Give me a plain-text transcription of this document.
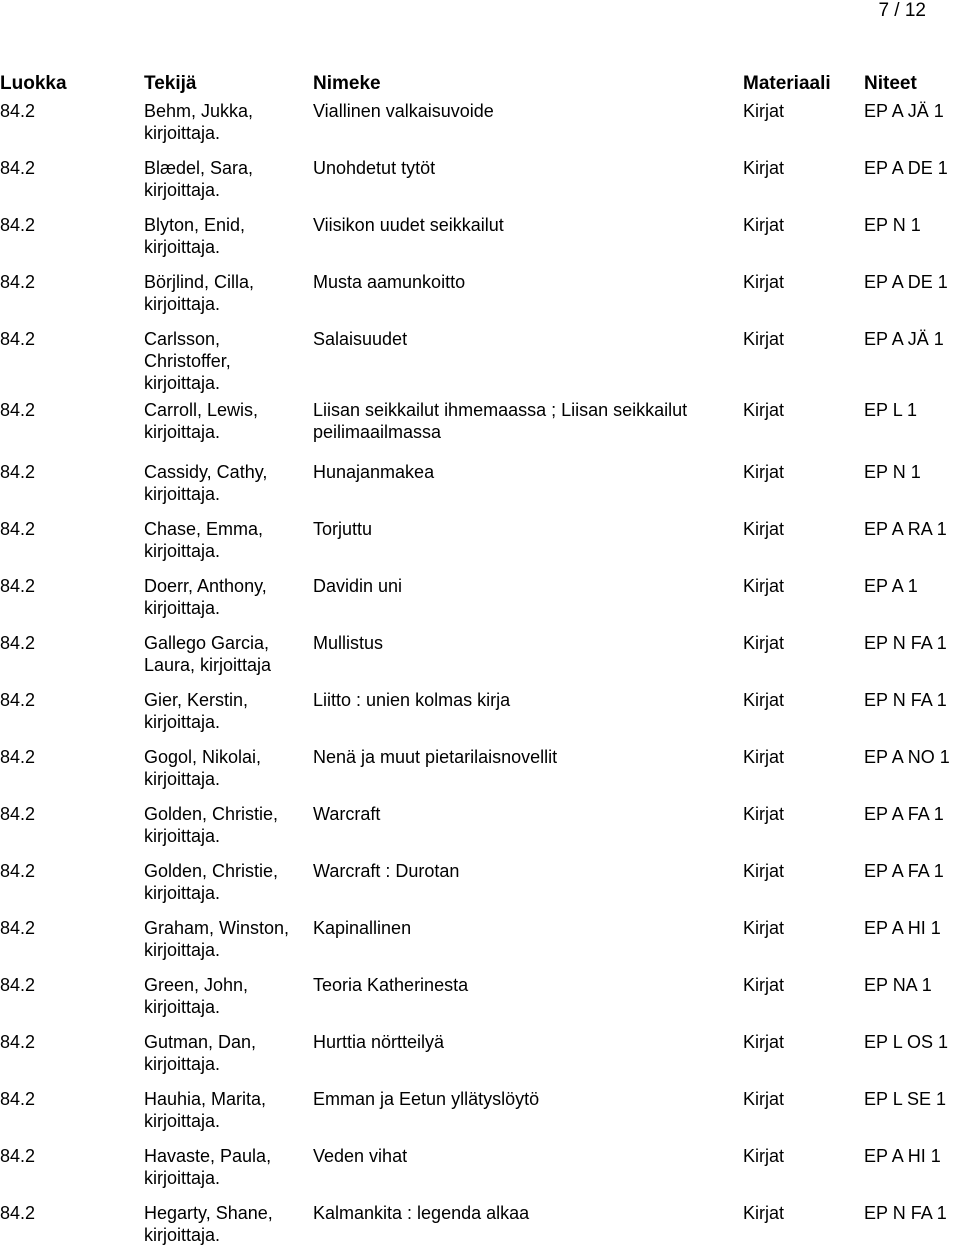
7 / 12
Luokka	Tekijä	Nimeke	Materiaali Niteet
84.2	Behm, Jukka,
kirjoittaja.
Viallinen valkaisuvoide	Kirjat	EP A JÄ 1
84.2	Blædel, Sara,
kirjoittaja.
Unohdetut tytöt	Kirjat	EP A DE 1
84.2	Blyton, Enid,
kirjoittaja.
Viisikon uudet seikkailut	Kirjat	EP N 1
84.2	Börjlind, Cilla,
kirjoittaja.
Musta aamunkoitto	Kirjat	EP A DE 1
84.2	Carlsson,
Christoffer,
kirjoittaja.
Salaisuudet	Kirjat	EP A JÄ 1
84.2	Carroll, Lewis,
kirjoittaja.
Liisan seikkailut ihmemaassa ; Liisan seikkailut
peilimaailmassa
Kirjat	EP L 1
84.2	Cassidy, Cathy,
kirjoittaja.
Hunajanmakea	Kirjat	EP N 1
84.2	Chase, Emma,
kirjoittaja.
Torjuttu	Kirjat	EP A RA 1
84.2	Doerr, Anthony,
kirjoittaja.
Davidin uni	Kirjat	EP A 1
84.2	Gallego Garcia,
Laura, kirjoittaja
Mullistus	Kirjat	EP N FA 1
84.2	Gier, Kerstin,
kirjoittaja.
Liitto : unien kolmas kirja	Kirjat	EP N FA 1
84.2	Gogol, Nikolai,
kirjoittaja.
Nenä ja muut pietarilaisnovellit	Kirjat	EP A NO 1
84.2	Golden, Christie,
kirjoittaja.
Warcraft	Kirjat	EP A FA 1
84.2	Golden, Christie,
kirjoittaja.
Warcraft : Durotan	Kirjat	EP A FA 1
84.2	Graham, Winston,
kirjoittaja.
Kapinallinen	Kirjat	EP A HI 1
84.2	Green, John,
kirjoittaja.
Teoria Katherinesta	Kirjat	EP NA 1
84.2	Gutman, Dan,
kirjoittaja.
Hurttia nörtteilyä	Kirjat	EP L OS 1
84.2	Hauhia, Marita,
kirjoittaja.
Emman ja Eetun yllätyslöytö	Kirjat	EP L SE 1
84.2	Havaste, Paula,
kirjoittaja.
Veden vihat	Kirjat	EP A HI 1
84.2	Hegarty, Shane,
kirjoittaja.
Kalmankita : legenda alkaa	Kirjat	EP N FA 1
